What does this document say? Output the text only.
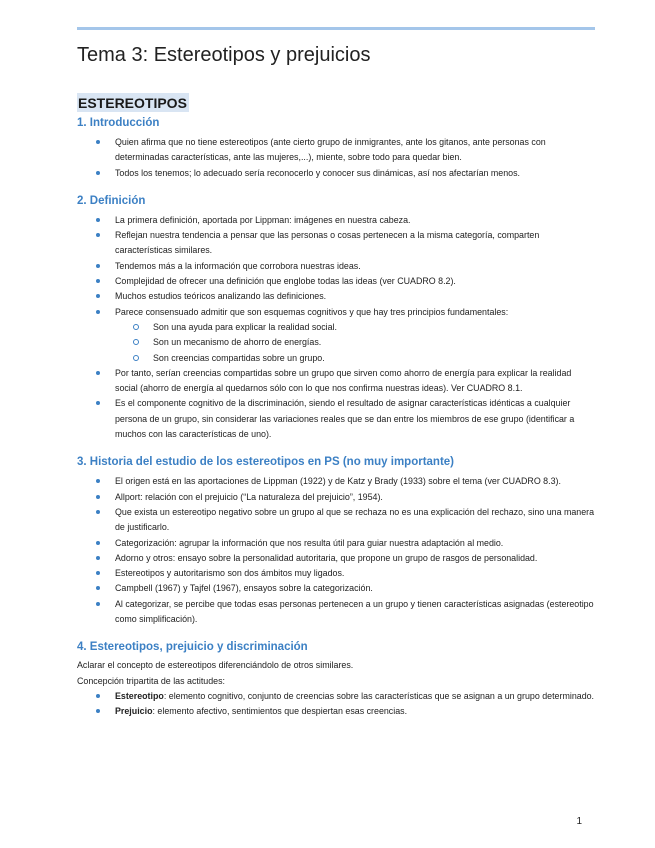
Tema 3: Estereotipos y prejuicios
ESTEREOTIPOS
1. Introducción
Quien afirma que no tiene estereotipos (ante cierto grupo de inmigrantes, ante los gitanos, ante personas con determinadas características, ante las mujeres,...), miente, sobre todo para quedar bien.
Todos los tenemos; lo adecuado sería reconocerlo y conocer sus dinámicas, así nos afectarían menos.
2. Definición
La primera definición, aportada por Lippman: imágenes en nuestra cabeza.
Reflejan nuestra tendencia a pensar que las personas o cosas pertenecen a la misma categoría, comparten características similares.
Tendemos más a la información que corrobora nuestras ideas.
Complejidad de ofrecer una definición que englobe todas las ideas (ver CUADRO 8.2).
Muchos estudios teóricos analizando las definiciones.
Parece consensuado admitir que son esquemas cognitivos y que hay tres principios fundamentales:
Son una ayuda para explicar la realidad social.
Son un mecanismo de ahorro de energías.
Son creencias compartidas sobre un grupo.
Por tanto, serían creencias compartidas sobre un grupo que sirven como ahorro de energía para explicar la realidad social (ahorro de energía al quedarnos sólo con lo que nos confirma nuestras ideas). Ver CUADRO 8.1.
Es el componente cognitivo de la discriminación, siendo el resultado de asignar características idénticas a cualquier persona de un grupo, sin considerar las variaciones reales que se dan entre los miembros de ese grupo (identificar a muchos con las características de uno).
3. Historia del estudio de los estereotipos en PS (no muy importante)
El origen está en las aportaciones de Lippman (1922) y de Katz y Brady (1933) sobre el tema (ver CUADRO 8.3).
Allport: relación con el prejuicio (“La naturaleza del prejuicio”, 1954).
Que exista un estereotipo negativo sobre un grupo al que se rechaza no es una explicación del rechazo, sino una manera de justificarlo.
Categorización: agrupar la información que nos resulta útil para guiar nuestra adaptación al medio.
Adorno y otros: ensayo sobre la personalidad autoritaria, que propone un grupo de rasgos de personalidad.
Estereotipos y autoritarismo son dos ámbitos muy ligados.
Campbell (1967) y Tajfel (1967), ensayos sobre la categorización.
Al categorizar, se percibe que todas esas personas pertenecen a un grupo y tienen características asignadas (estereotipo como simplificación).
4. Estereotipos, prejuicio y discriminación

Aclarar el concepto de estereotipos diferenciándolo de otros similares.

Concepción tripartita de las actitudes:

Estereotipo: elemento cognitivo, conjunto de creencias sobre las características que se asignan a un grupo determinado.
Prejuicio: elemento afectivo, sentimientos que despiertan esas creencias.
1
